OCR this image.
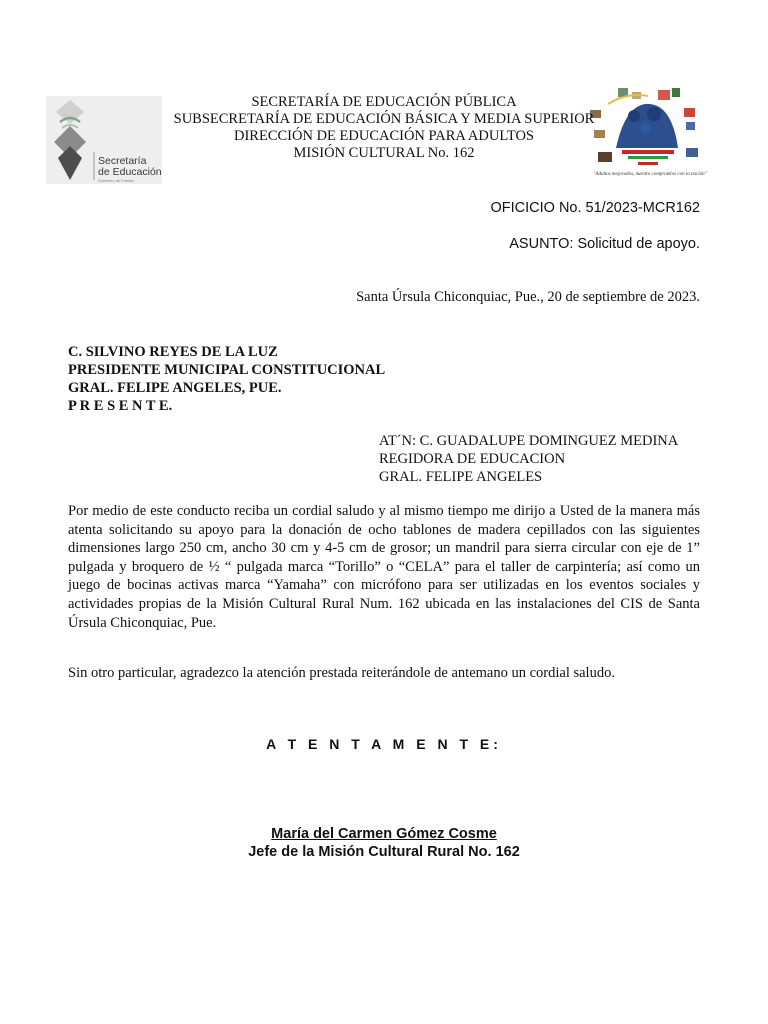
Secretaría
de Educación
Gobierno de Puebla
"Adultos mejorados, nuestro compromiso con la nación"
SECRETARÍA DE EDUCACIÓN PÚBLICA
SUBSECRETARÍA DE EDUCACIÓN BÁSICA Y MEDIA SUPERIOR
DIRECCIÓN DE EDUCACIÓN PARA ADULTOS
MISIÓN CULTURAL No. 162
OFICICIO No. 51/2023-MCR162
ASUNTO: Solicitud de apoyo.
Santa Úrsula Chiconquiac, Pue., 20 de septiembre de 2023.
C. SILVINO REYES DE LA LUZ
PRESIDENTE MUNICIPAL CONSTITUCIONAL
GRAL. FELIPE ANGELES, PUE.
P R E S E N T E.
AT´N: C. GUADALUPE DOMINGUEZ MEDINA
REGIDORA DE EDUCACION
GRAL. FELIPE ANGELES
Por medio de este conducto reciba un cordial saludo y al mismo tiempo me dirijo a Usted de la manera más atenta solicitando su apoyo para la donación de ocho tablones de madera cepillados con las siguientes dimensiones largo 250 cm, ancho 30 cm y 4-5 cm de grosor; un mandril para sierra circular con eje de 1” pulgada y broquero de ½ “ pulgada marca “Torillo” o “CELA” para el taller de carpintería; así como un juego de bocinas activas marca “Yamaha” con micrófono para ser utilizadas en los eventos sociales y actividades propias de la Misión Cultural Rural Num. 162 ubicada en las instalaciones del CIS de Santa Úrsula Chiconquiac, Pue.
Sin otro particular, agradezco la atención prestada reiterándole de antemano un cordial saludo.
A T E N T A M E N T E:
María del Carmen Gómez Cosme
Jefe de la Misión Cultural Rural No. 162
